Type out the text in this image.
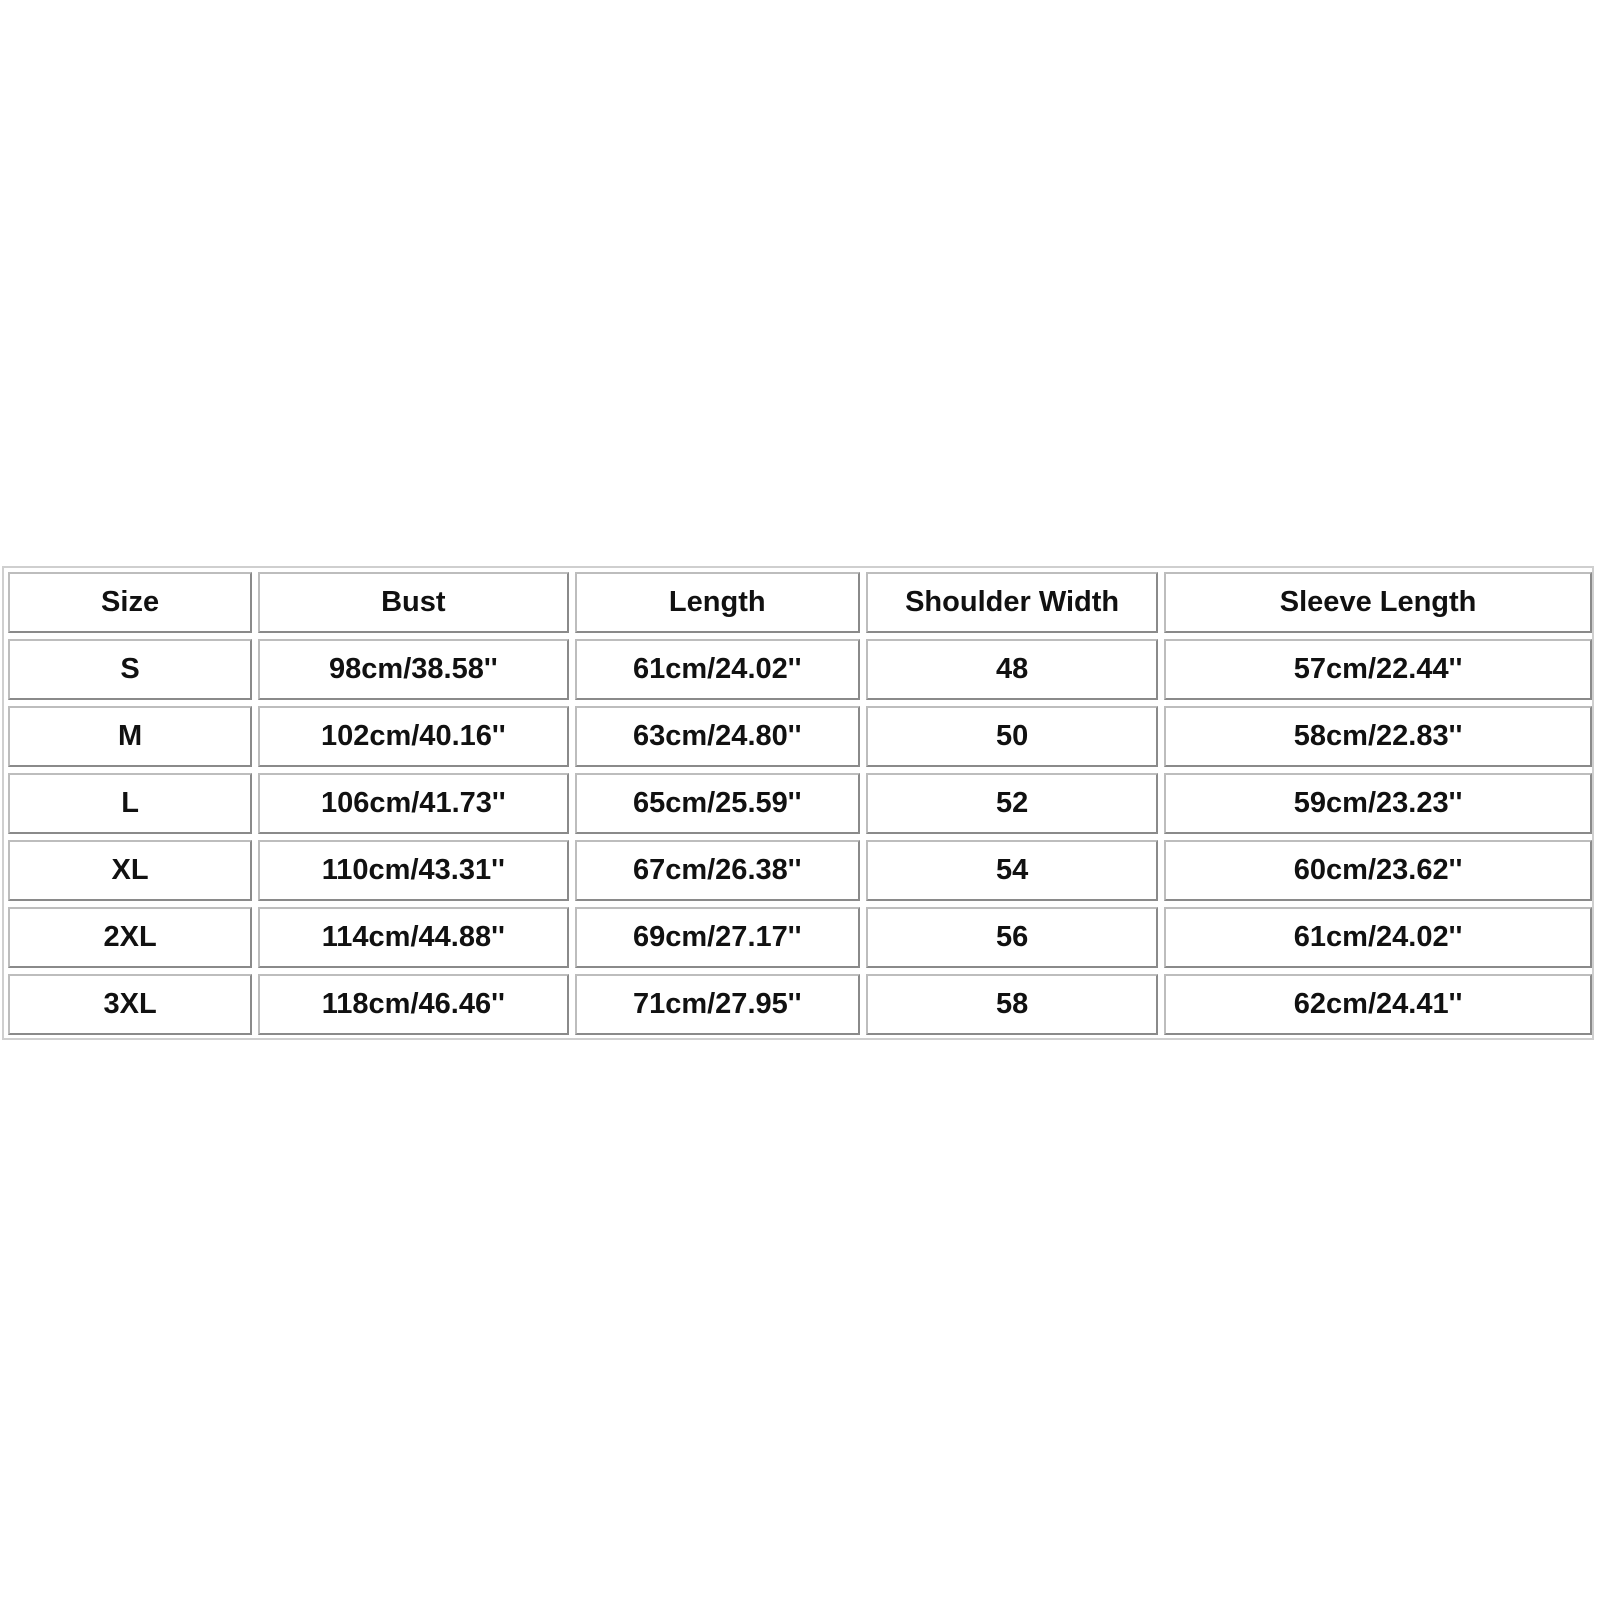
Size	Bust	Length	Shoulder Width	Sleeve Length
S	98cm/38.58''	61cm/24.02''	48	57cm/22.44''
M	102cm/40.16''	63cm/24.80''	50	58cm/22.83''
L	106cm/41.73''	65cm/25.59''	52	59cm/23.23''
XL	110cm/43.31''	67cm/26.38''	54	60cm/23.62''
2XL	114cm/44.88''	69cm/27.17''	56	61cm/24.02''
3XL	118cm/46.46''	71cm/27.95''	58	62cm/24.41''
